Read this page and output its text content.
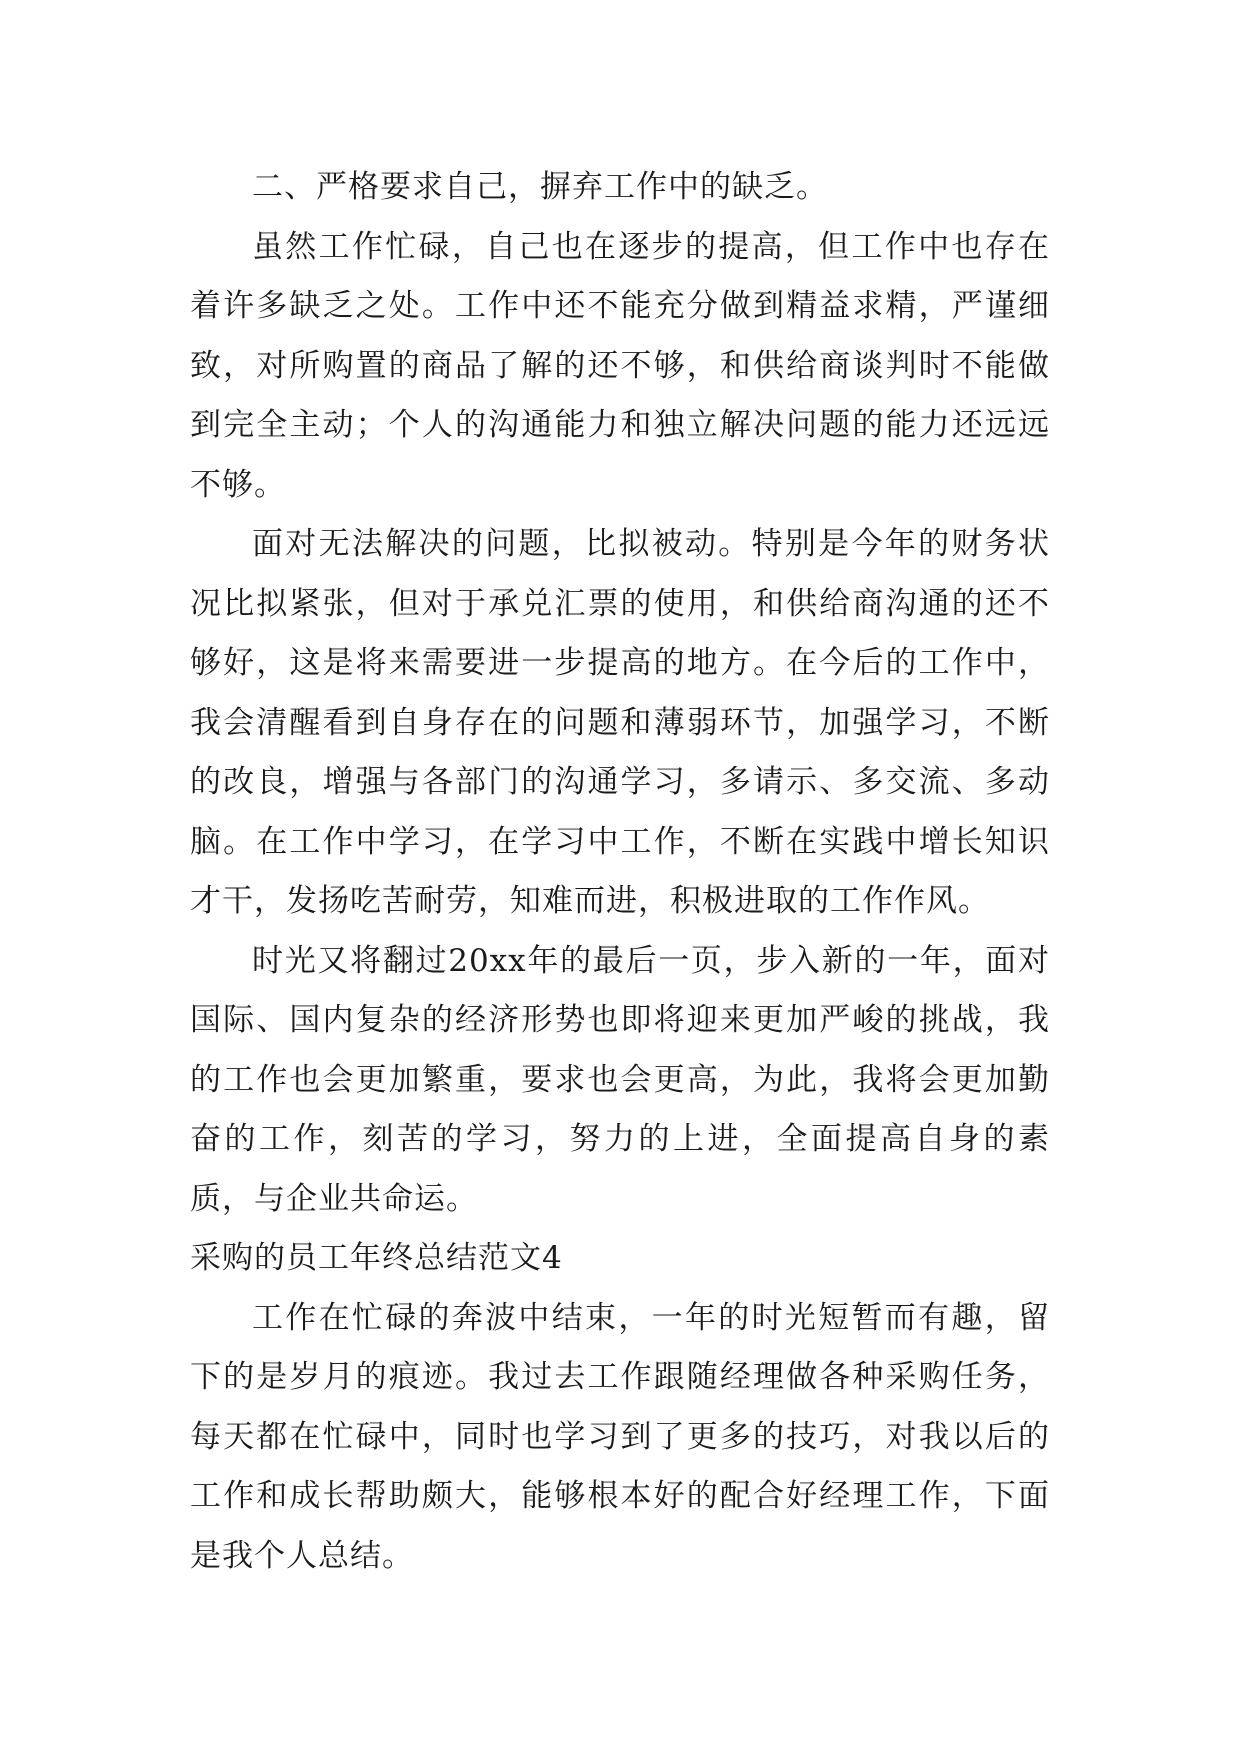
二、严格要求自己，摒弃工作中的缺乏。

虽然工作忙碌，自己也在逐步的提高，但工作中也存在着许多缺乏之处。工作中还不能充分做到精益求精，严谨细致，对所购置的商品了解的还不够，和供给商谈判时不能做到完全主动；个人的沟通能力和独立解决问题的能力还远远不够。

面对无法解决的问题，比拟被动。特别是今年的财务状况比拟紧张，但对于承兑汇票的使用，和供给商沟通的还不够好，这是将来需要进一步提高的地方。在今后的工作中，我会清醒看到自身存在的问题和薄弱环节，加强学习，不断的改良，增强与各部门的沟通学习，多请示、多交流、多动脑。在工作中学习，在学习中工作，不断在实践中增长知识才干，发扬吃苦耐劳，知难而进，积极进取的工作作风。

时光又将翻过20xx年的最后一页，步入新的一年，面对国际、国内复杂的经济形势也即将迎来更加严峻的挑战，我的工作也会更加繁重，要求也会更高，为此，我将会更加勤奋的工作，刻苦的学习，努力的上进，全面提高自身的素质，与企业共命运。

采购的员工年终总结范文4

工作在忙碌的奔波中结束，一年的时光短暂而有趣，留下的是岁月的痕迹。我过去工作跟随经理做各种采购任务，每天都在忙碌中，同时也学习到了更多的技巧，对我以后的工作和成长帮助颇大，能够根本好的配合好经理工作，下面是我个人总结。
